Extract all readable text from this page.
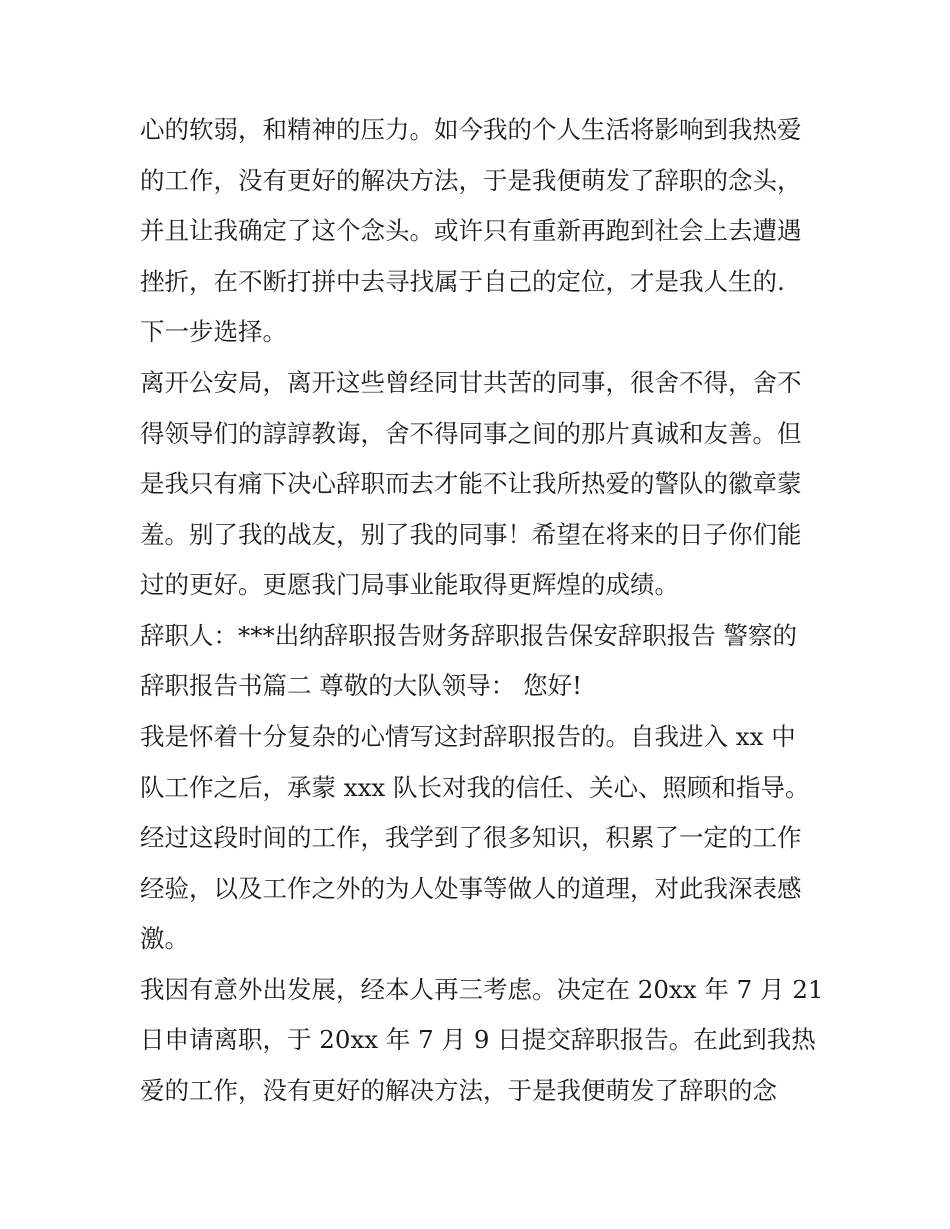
心的软弱，和精神的压力。如今我的个人生活将影响到我热爱
的工作，没有更好的解决方法，于是我便萌发了辞职的念头，
并且让我确定了这个念头。或许只有重新再跑到社会上去遭遇
挫折，在不断打拼中去寻找属于自己的定位，才是我人生的.
下一步选择。
离开公安局，离开这些曾经同甘共苦的同事，很舍不得，舍不
得领导们的諄諄教诲，舍不得同事之间的那片真诚和友善。但
是我只有痛下决心辞职而去才能不让我所热爱的警队的徽章蒙
羞。别了我的战友，别了我的同事！希望在将来的日子你们能
过的更好。更愿我门局事业能取得更辉煌的成绩。
辞职人：***出纳辞职报告财务辞职报告保安辞职报告 警察的
辞职报告书篇二 尊敬的大队领导： 您好!
我是怀着十分复杂的心情写这封辞职报告的。自我进入 xx 中
队工作之后，承蒙 xxx 队长对我的信任、关心、照顾和指导。
经过这段时间的工作，我学到了很多知识，积累了一定的工作
经验，以及工作之外的为人处事等做人的道理，对此我深表感
激。
我因有意外出发展，经本人再三考虑。决定在 20xx 年 7 月 21
日申请离职，于 20xx 年 7 月 9 日提交辞职报告。在此到我热
爱的工作，没有更好的解决方法，于是我便萌发了辞职的念
